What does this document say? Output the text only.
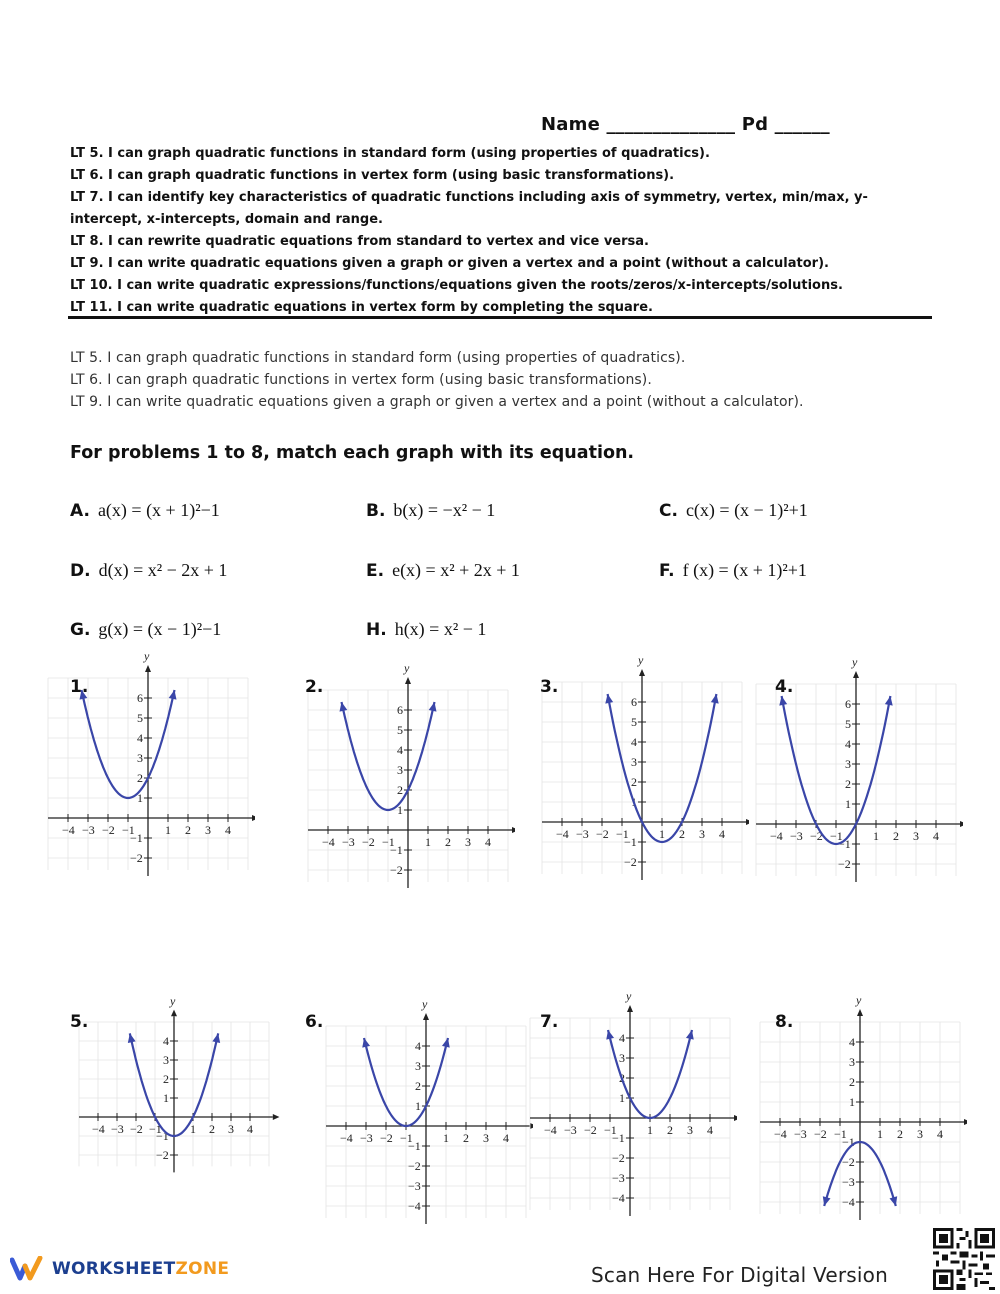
Name ______________ Pd ______
LT 5. I can graph quadratic functions in standard form (using properties of quadratics).
LT 6. I can graph quadratic functions in vertex form (using basic transformations).
LT 7. I can identify key characteristics of quadratic functions including axis of symmetry, vertex, min/max, y-intercept, x-intercepts, domain and range.
LT 8. I can rewrite quadratic equations from standard to vertex and vice versa.
LT 9. I can write quadratic equations given a graph or given a vertex and a point (without a calculator).
LT 10. I can write quadratic expressions/functions/equations given the roots/zeros/x-intercepts/solutions.
LT 11. I can write quadratic equations in vertex form by completing the square.
LT 5. I can graph quadratic functions in standard form (using properties of quadratics).
LT 6. I can graph quadratic functions in vertex form (using basic transformations).
LT 9. I can write quadratic equations given a graph or given a vertex and a point (without a calculator).
For problems 1 to 8, match each graph with its equation.
A. a(x) = (x + 1)²−1	B. b(x) = −x² − 1	C. c(x) = (x − 1)²+1
D. d(x) = x² − 2x + 1	E. e(x) = x² + 2x + 1	F. f (x) = (x + 1)²+1
G. g(x) = (x − 1)²−1	H. h(x) = x² − 1
1.	2.	3.	4.
5.	6.	7.	8.
y
−4 −3 −2 −1	1 2 3 4
−2
−1
1
2
3
4
5
6
y
−4 −3 −2 −1	1 2 3 4
−2
−1
1
2
3
4
5
6
y
−4 −3 −2 −1	1 2 3 4
−2
−1
1
2
3
4
5
6
y
−4 −3 −2 −1	1 2 3 4
−2
−1
1
2
3
4
5
6
y
−4 −3 −2 −1 1 2 3 4
−2
−1
1
2
3
4
y
−4 −3 −2 −1	1 2 3 4
−4
−3
−2
−1
1
2
3
4
y
−4 −3 −2 −1	1 2 3 4
−4
−3
−2
−1
1
2
3
4
y
−4 −3 −2 −1	1 2 3 4
−4
−3
−2
−1
1
2
3
4
WORKSHEETZONE	Scan Here For Digital Version
